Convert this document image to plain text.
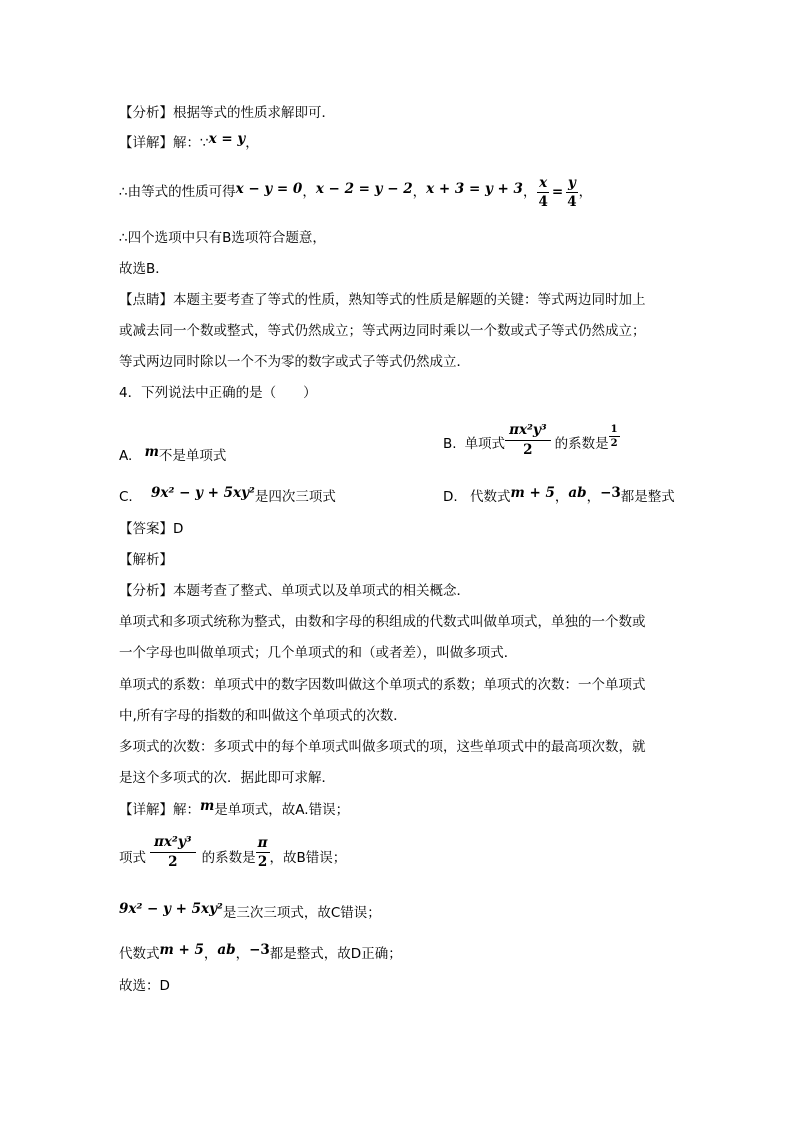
【分析】根据等式的性质求解即可．
【详解】解：∵x = y，
∴由等式的性质可得 x − y = 0 ， x − 2 = y − 2 ， x + 3 = y + 3 ， $\frac{x}{4} = \frac{y}{4}$ ，
∴四个选项中只有B选项符合题意，
故选B．
【点睛】本题主要考查了等式的性质，熟知等式的性质是解题的关键：等式两边同时加上
或减去同一个数或整式，等式仍然成立；等式两边同时乘以一个数或式子等式仍然成立；
等式两边同时除以一个不为零的数字或式子等式仍然成立．
4．下列说法中正确的是（　　）
A. m不是单项式
B. 单项式 $\frac{\text{πx²y³}}{2}$ 的系数是 $\frac{1}{2}$
C. 9x² − y + 5xy²是四次三项式	D. 代数式m + 5，ab，−3都是整式
【答案】D
【解析】
【分析】本题考查了整式、单项式以及单项式的相关概念．
单项式和多项式统称为整式，由数和字母的积组成的代数式叫做单项式，单独的一个数或
一个字母也叫做单项式；几个单项式的和（或者差），叫做多项式．
单项式的系数：单项式中的数字因数叫做这个单项式的系数；单项式的次数：一个单项式
中,所有字母的指数的和叫做这个单项式的次数．
多项式的次数：多项式中的每个单项式叫做多项式的项，这些单项式中的最高项次数，就
是这个多项式的次．据此即可求解．
【详解】解：m是单项式，故A.错误；
项式 $\frac{\text{πx²y³}}{2}$ 的系数是 $\frac{\pi}{2}$ ，故B错误；
9x² − y + 5xy²是三次三项式，故C错误；
代数式m + 5，ab，−3都是整式，故D正确；
故选：D
